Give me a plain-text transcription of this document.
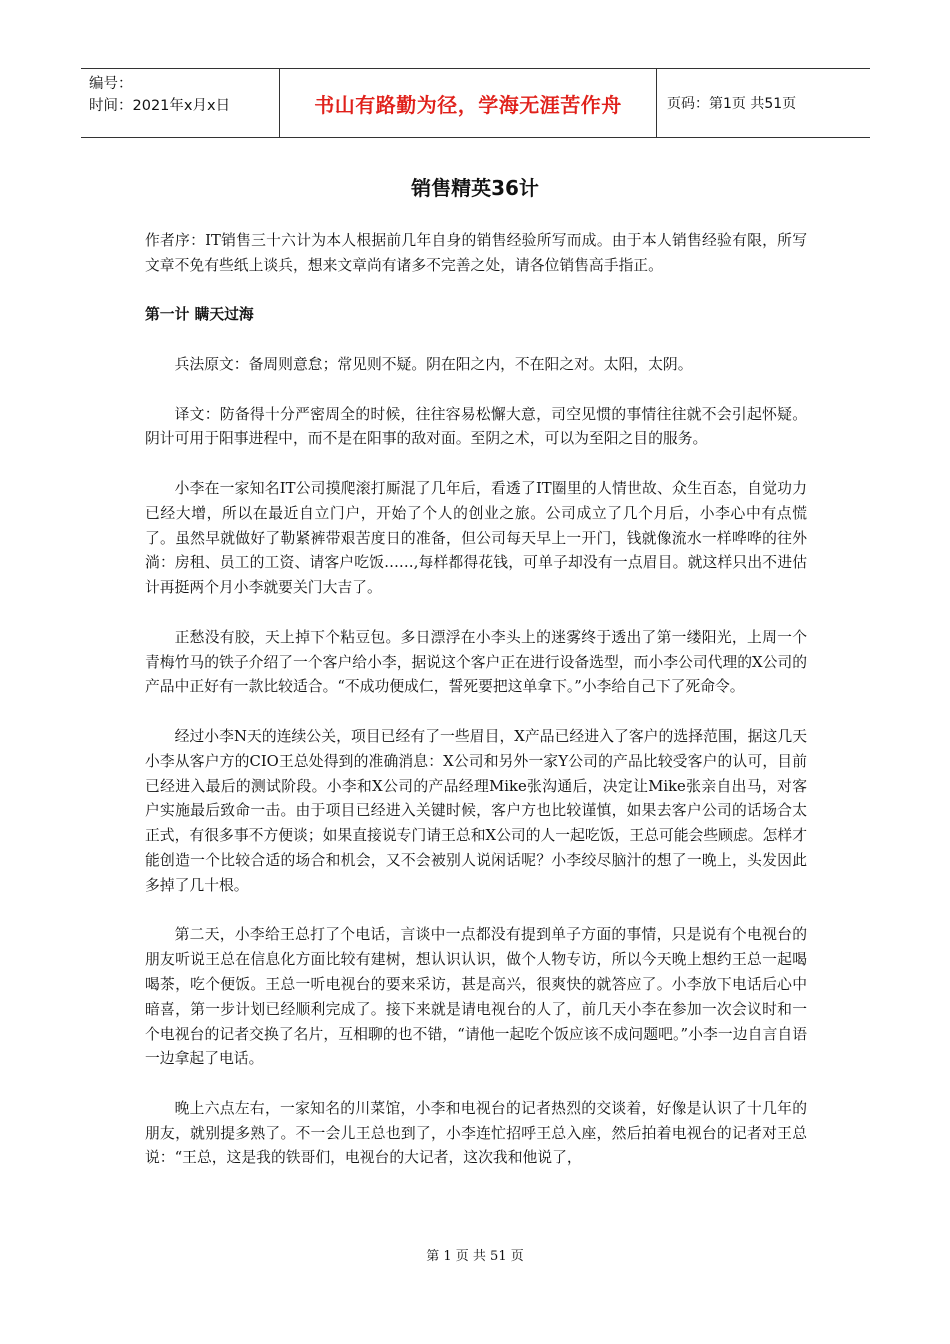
编号：
时间：2021年x月x日	书山有路勤为径，学海无涯苦作舟	页码：第1页 共51页
销售精英36计

作者序：IT销售三十六计为本人根据前几年自身的销售经验所写而成。由于本人销售经验有限，所写文章不免有些纸上谈兵，想来文章尚有诸多不完善之处，请各位销售高手指正。

第一计 瞒天过海

兵法原文：备周则意怠；常见则不疑。阴在阳之内，不在阳之对。太阳，太阴。

译文：防备得十分严密周全的时候，往往容易松懈大意，司空见惯的事情往往就不会引起怀疑。阴计可用于阳事进程中，而不是在阳事的敌对面。至阴之术，可以为至阳之目的服务。

小李在一家知名IT公司摸爬滚打厮混了几年后，看透了IT圈里的人情世故、众生百态，自觉功力已经大增，所以在最近自立门户，开始了个人的创业之旅。公司成立了几个月后，小李心中有点慌了。虽然早就做好了勒紧裤带艰苦度日的准备，但公司每天早上一开门，钱就像流水一样哗哗的往外淌：房租、员工的工资、请客户吃饭……,每样都得花钱，可单子却没有一点眉目。就这样只出不进估计再挺两个月小李就要关门大吉了。

正愁没有胶，天上掉下个粘豆包。多日漂浮在小李头上的迷雾终于透出了第一缕阳光，上周一个青梅竹马的铁子介绍了一个客户给小李，据说这个客户正在进行设备选型，而小李公司代理的X公司的产品中正好有一款比较适合。“不成功便成仁，誓死要把这单拿下。”小李给自己下了死命令。

经过小李N天的连续公关，项目已经有了一些眉目，X产品已经进入了客户的选择范围，据这几天小李从客户方的CIO王总处得到的准确消息：X公司和另外一家Y公司的产品比较受客户的认可，目前已经进入最后的测试阶段。小李和X公司的产品经理Mike张沟通后，决定让Mike张亲自出马，对客户实施最后致命一击。由于项目已经进入关键时候，客户方也比较谨慎，如果去客户公司的话场合太正式，有很多事不方便谈；如果直接说专门请王总和X公司的人一起吃饭，王总可能会些顾虑。怎样才能创造一个比较合适的场合和机会，又不会被别人说闲话呢？小李绞尽脑汁的想了一晚上，头发因此多掉了几十根。

第二天，小李给王总打了个电话，言谈中一点都没有提到单子方面的事情，只是说有个电视台的朋友听说王总在信息化方面比较有建树，想认识认识，做个人物专访，所以今天晚上想约王总一起喝喝茶，吃个便饭。王总一听电视台的要来采访，甚是高兴，很爽快的就答应了。小李放下电话后心中暗喜，第一步计划已经顺利完成了。接下来就是请电视台的人了，前几天小李在参加一次会议时和一个电视台的记者交换了名片，互相聊的也不错，“请他一起吃个饭应该不成问题吧。”小李一边自言自语一边拿起了电话。

晚上六点左右，一家知名的川菜馆，小李和电视台的记者热烈的交谈着，好像是认识了十几年的朋友，就别提多熟了。不一会儿王总也到了，小李连忙招呼王总入座，然后拍着电视台的记者对王总说：“王总，这是我的铁哥们，电视台的大记者，这次我和他说了，

第 1 页 共 51 页
